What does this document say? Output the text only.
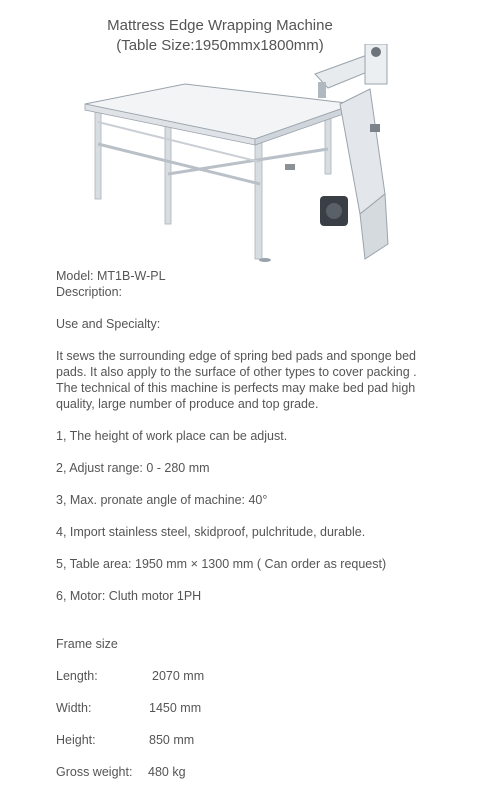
Mattress Edge Wrapping Machine
(Table Size:1950mmx1800mm)
Model: MT1B-W-PL
Description:
Use and Specialty:
It sews the surrounding edge of spring bed pads and sponge bed
pads. It also apply to the surface of other types to cover packing .
The technical of this machine is perfects may make bed pad high
quality, large number of produce and top grade.
1, The height of work place can be adjust.
2, Adjust range: 0 - 280 mm
3, Max. pronate angle of machine: 40°
4, Import stainless steel, skidproof, pulchritude, durable.
5, Table area: 1950 mm × 1300 mm ( Can order as request)
6, Motor: Cluth motor 1PH
Frame size
Length:	2070 mm
Width:	1450 mm
Height:	850 mm
Gross weight: 480 kg
